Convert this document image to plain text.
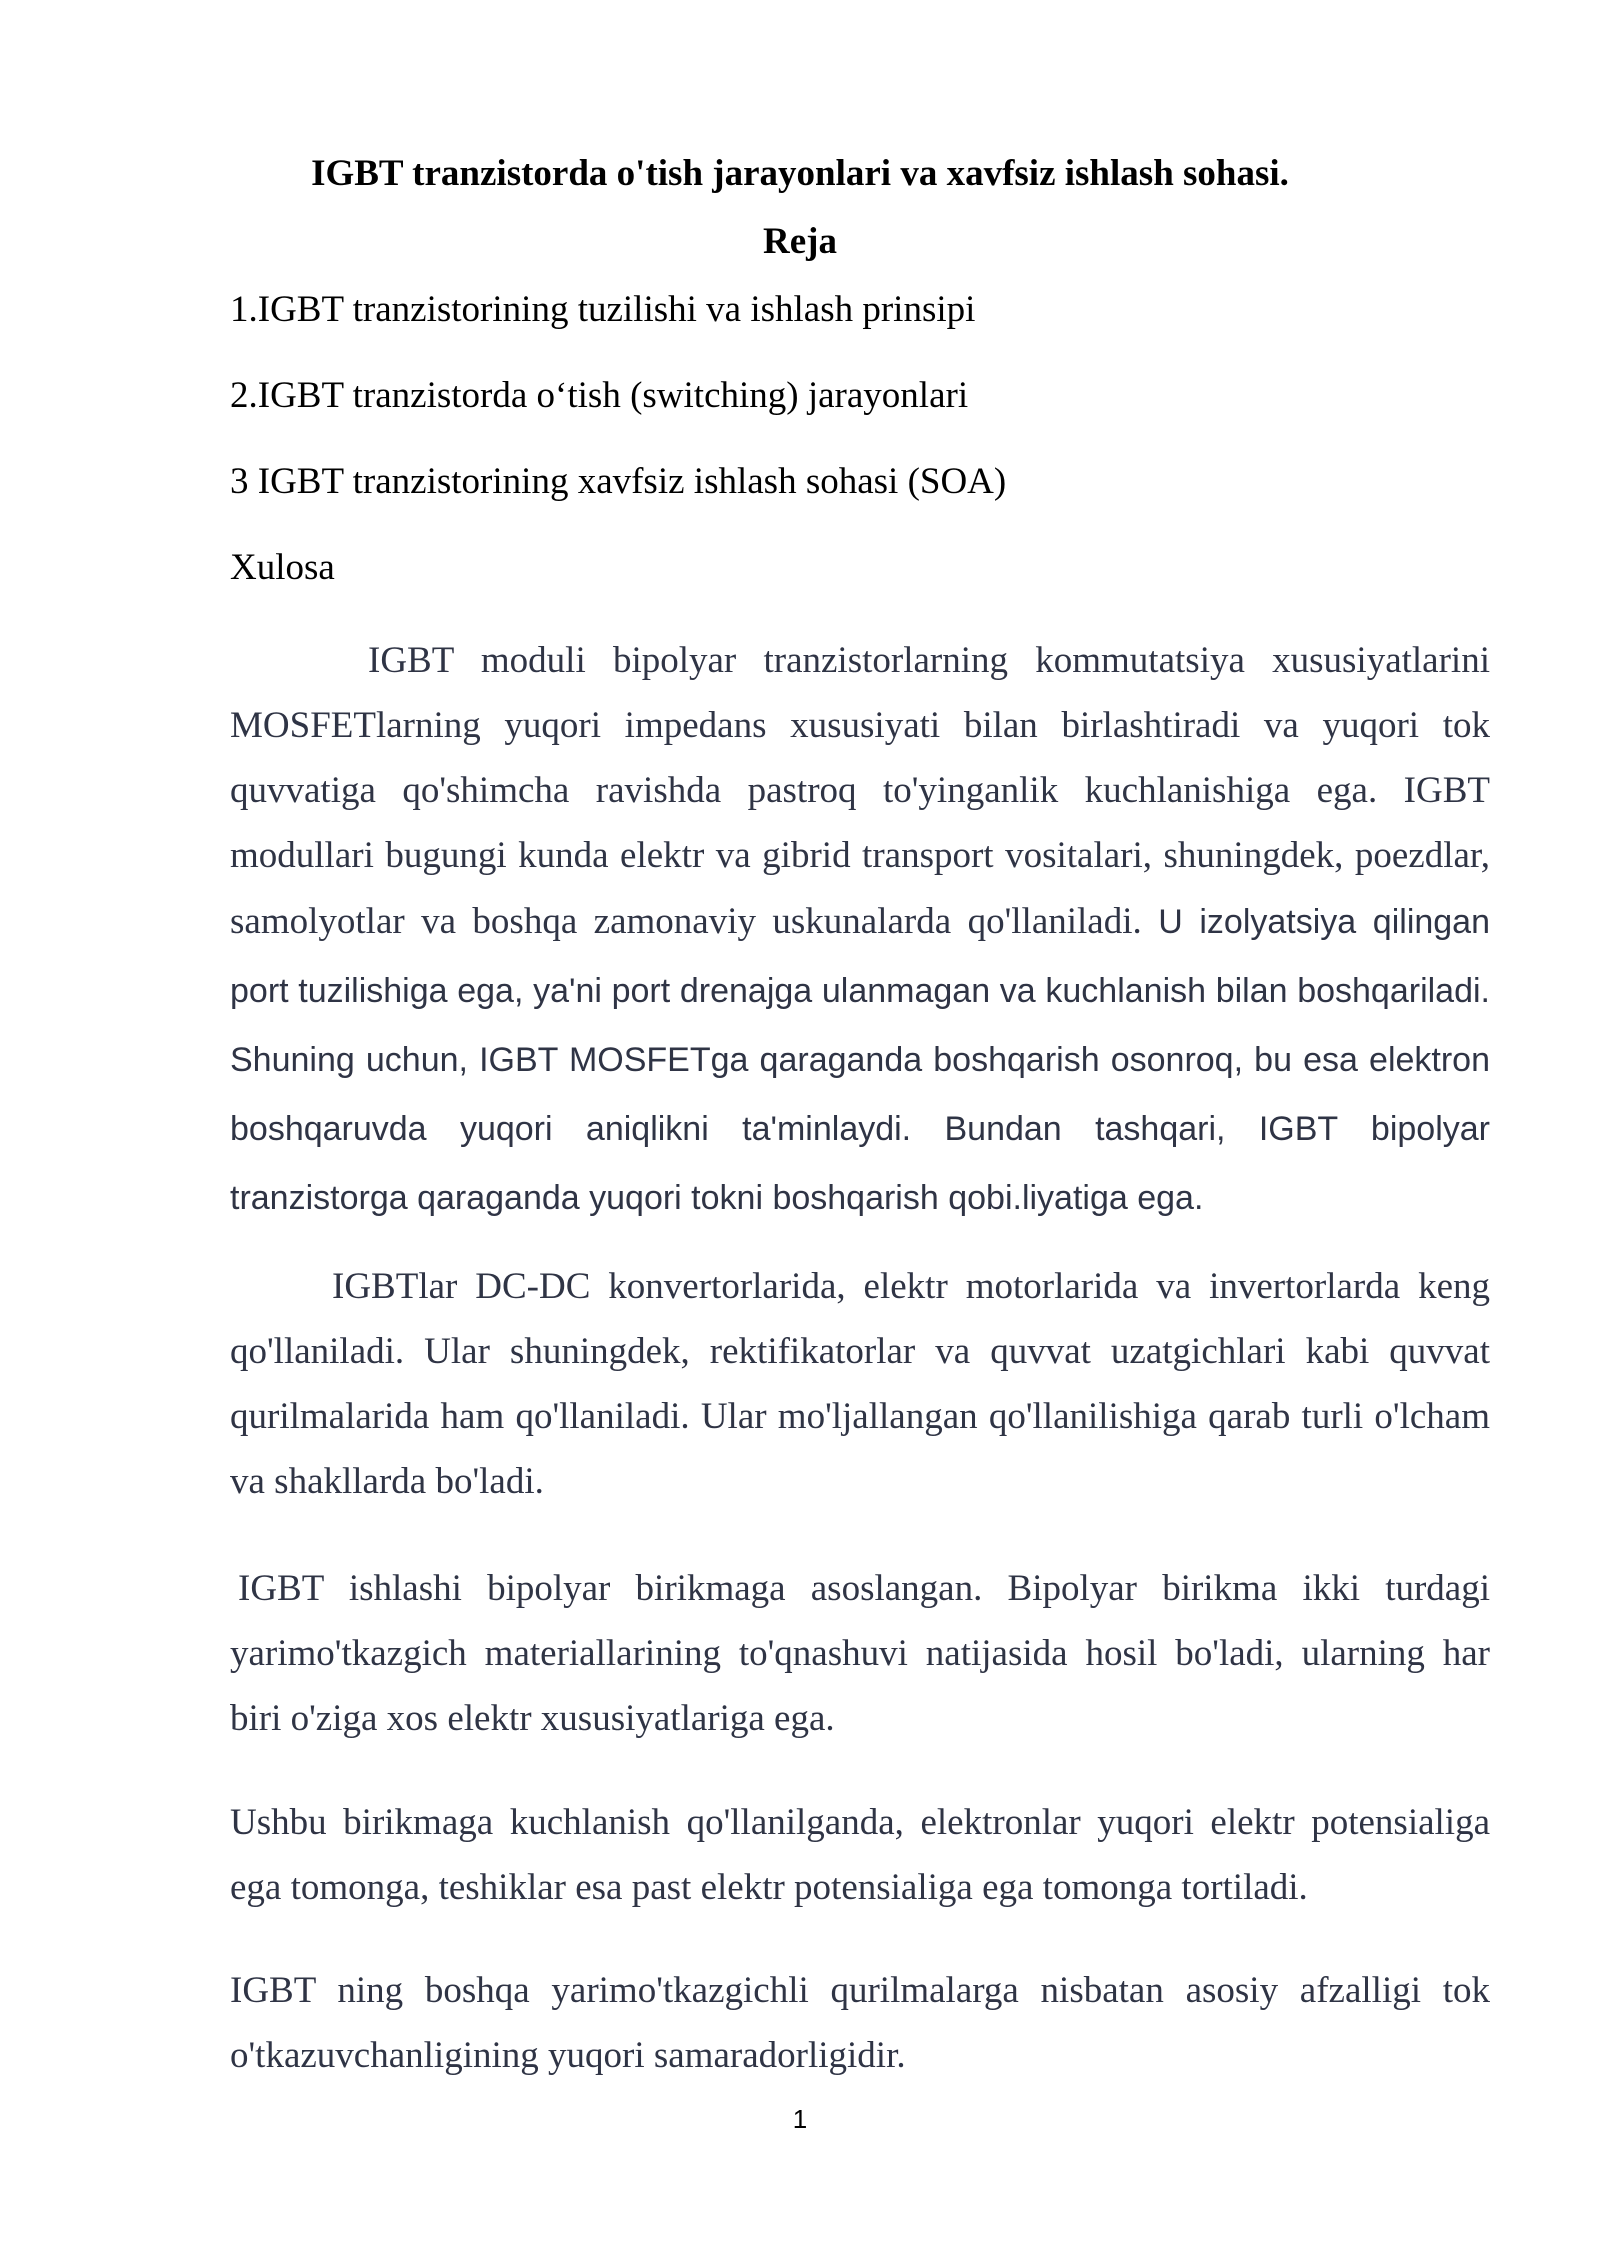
IGBT tranzistorda o'tish jarayonlari va xavfsiz ishlash sohasi.

Reja

1.IGBT tranzistorining tuzilishi va ishlash prinsipi

2.IGBT tranzistorda o‘tish (switching) jarayonlari

3 IGBT tranzistorining xavfsiz ishlash sohasi (SOA)

Xulosa

IGBT moduli bipolyar tranzistorlarning kommutatsiya xususiyatlarini MOSFETlarning yuqori impedans xususiyati bilan birlashtiradi va yuqori tok quvvatiga qo'shimcha ravishda pastroq to'yinganlik kuchlanishiga ega. IGBT modullari bugungi kunda elektr va gibrid transport vositalari, shuningdek, poezdlar, samolyotlar va boshqa zamonaviy uskunalarda qo'llaniladi. U izolyatsiya qilingan port tuzilishiga ega, ya'ni port drenajga ulanmagan va kuchlanish bilan boshqariladi. Shuning uchun, IGBT MOSFETga qaraganda boshqarish osonroq, bu esa elektron boshqaruvda yuqori aniqlikni ta'minlaydi. Bundan tashqari, IGBT bipolyar tranzistorga qaraganda yuqori tokni boshqarish qobi.liyatiga ega.

IGBTlar DC-DC konvertorlarida, elektr motorlarida va invertorlarda keng qo'llaniladi. Ular shuningdek, rektifikatorlar va quvvat uzatgichlari kabi quvvat qurilmalarida ham qo'llaniladi. Ular mo'ljallangan qo'llanilishiga qarab turli o'lcham va shakllarda bo'ladi.

IGBT ishlashi bipolyar birikmaga asoslangan. Bipolyar birikma ikki turdagi yarimo'tkazgich materiallarining to'qnashuvi natijasida hosil bo'ladi, ularning har biri o'ziga xos elektr xususiyatlariga ega.

Ushbu birikmaga kuchlanish qo'llanilganda, elektronlar yuqori elektr potensialiga ega tomonga, teshiklar esa past elektr potensialiga ega tomonga tortiladi.

IGBT ning boshqa yarimo'tkazgichli qurilmalarga nisbatan asosiy afzalligi tok o'tkazuvchanligining yuqori samaradorligidir.

1
